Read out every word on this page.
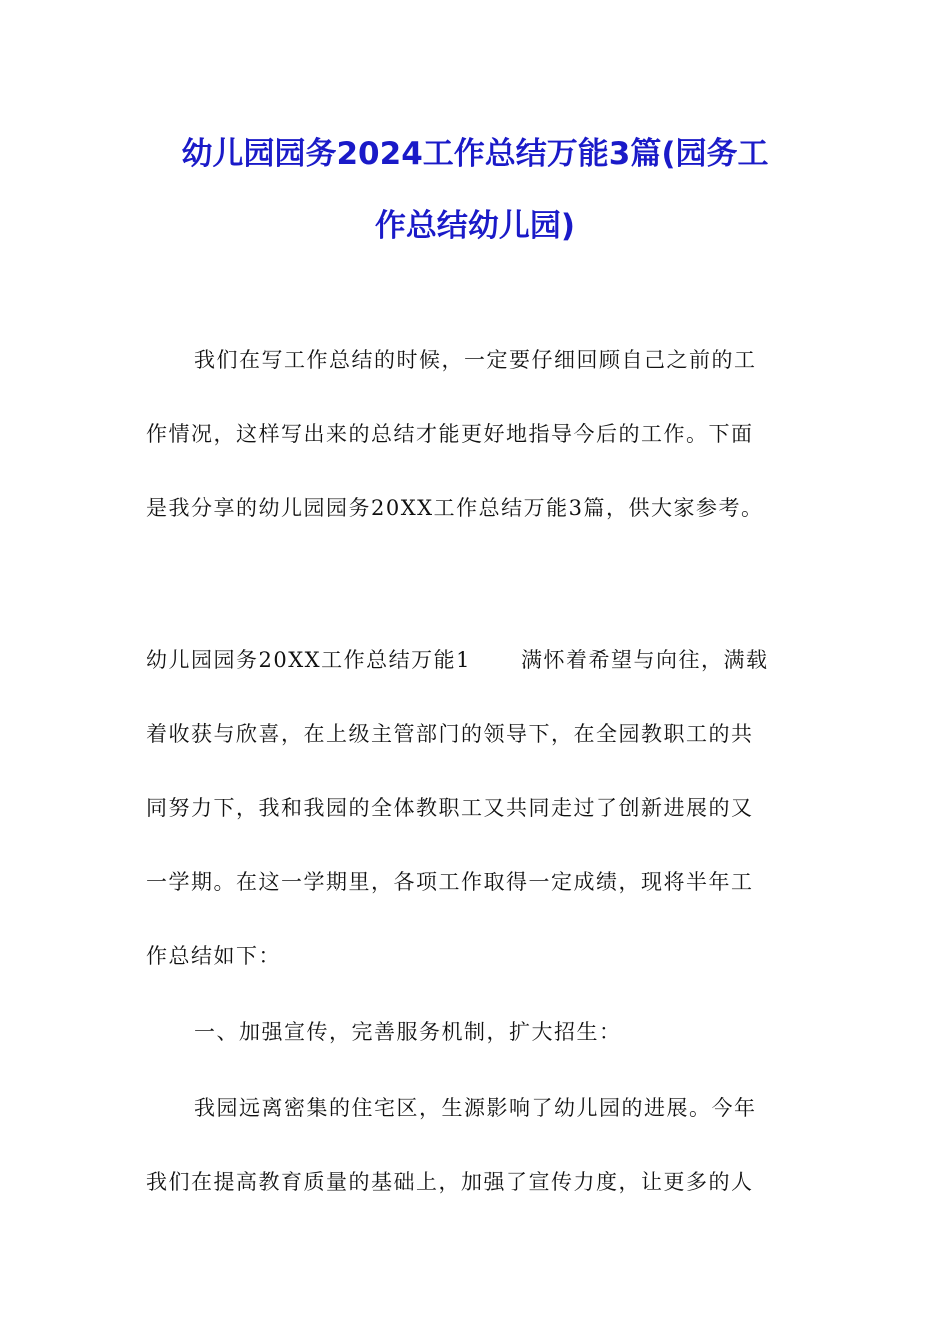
幼儿园园务2024工作总结万能3篇(园务工
作总结幼儿园)
我们在写工作总结的时候，一定要仔细回顾自己之前的工
作情况，这样写出来的总结才能更好地指导今后的工作。下面
是我分享的幼儿园园务20XX工作总结万能3篇，供大家参考。
幼儿园园务20XX工作总结万能1 满怀着希望与向往，满载
着收获与欣喜，在上级主管部门的领导下，在全园教职工的共
同努力下，我和我园的全体教职工又共同走过了创新进展的又
一学期。在这一学期里，各项工作取得一定成绩，现将半年工
作总结如下：
一、加强宣传，完善服务机制，扩大招生：
我园远离密集的住宅区，生源影响了幼儿园的进展。今年
我们在提高教育质量的基础上，加强了宣传力度，让更多的人
